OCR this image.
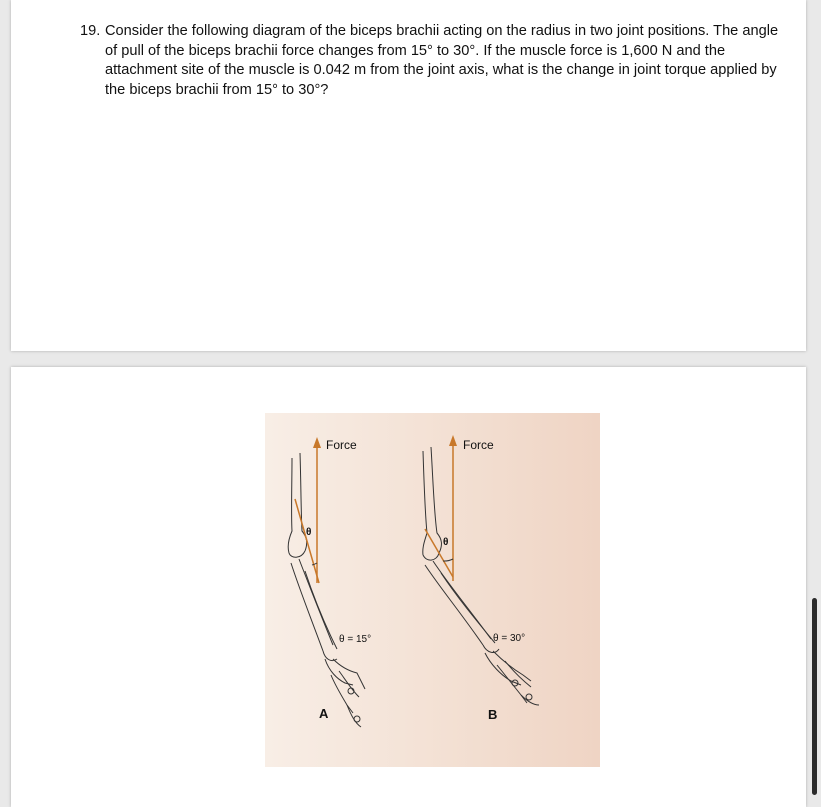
19. Consider the following diagram of the biceps brachii acting on the radius in two joint positions. The angle of pull of the biceps brachii force changes from 15° to 30°. If the muscle force is 1,600 N and the attachment site of the muscle is 0.042 m from the joint axis, what is the change in joint torque applied by the biceps brachii from 15° to 30°?
Force
θ
θ = 15°
A
Force
θ
θ = 30°
B
